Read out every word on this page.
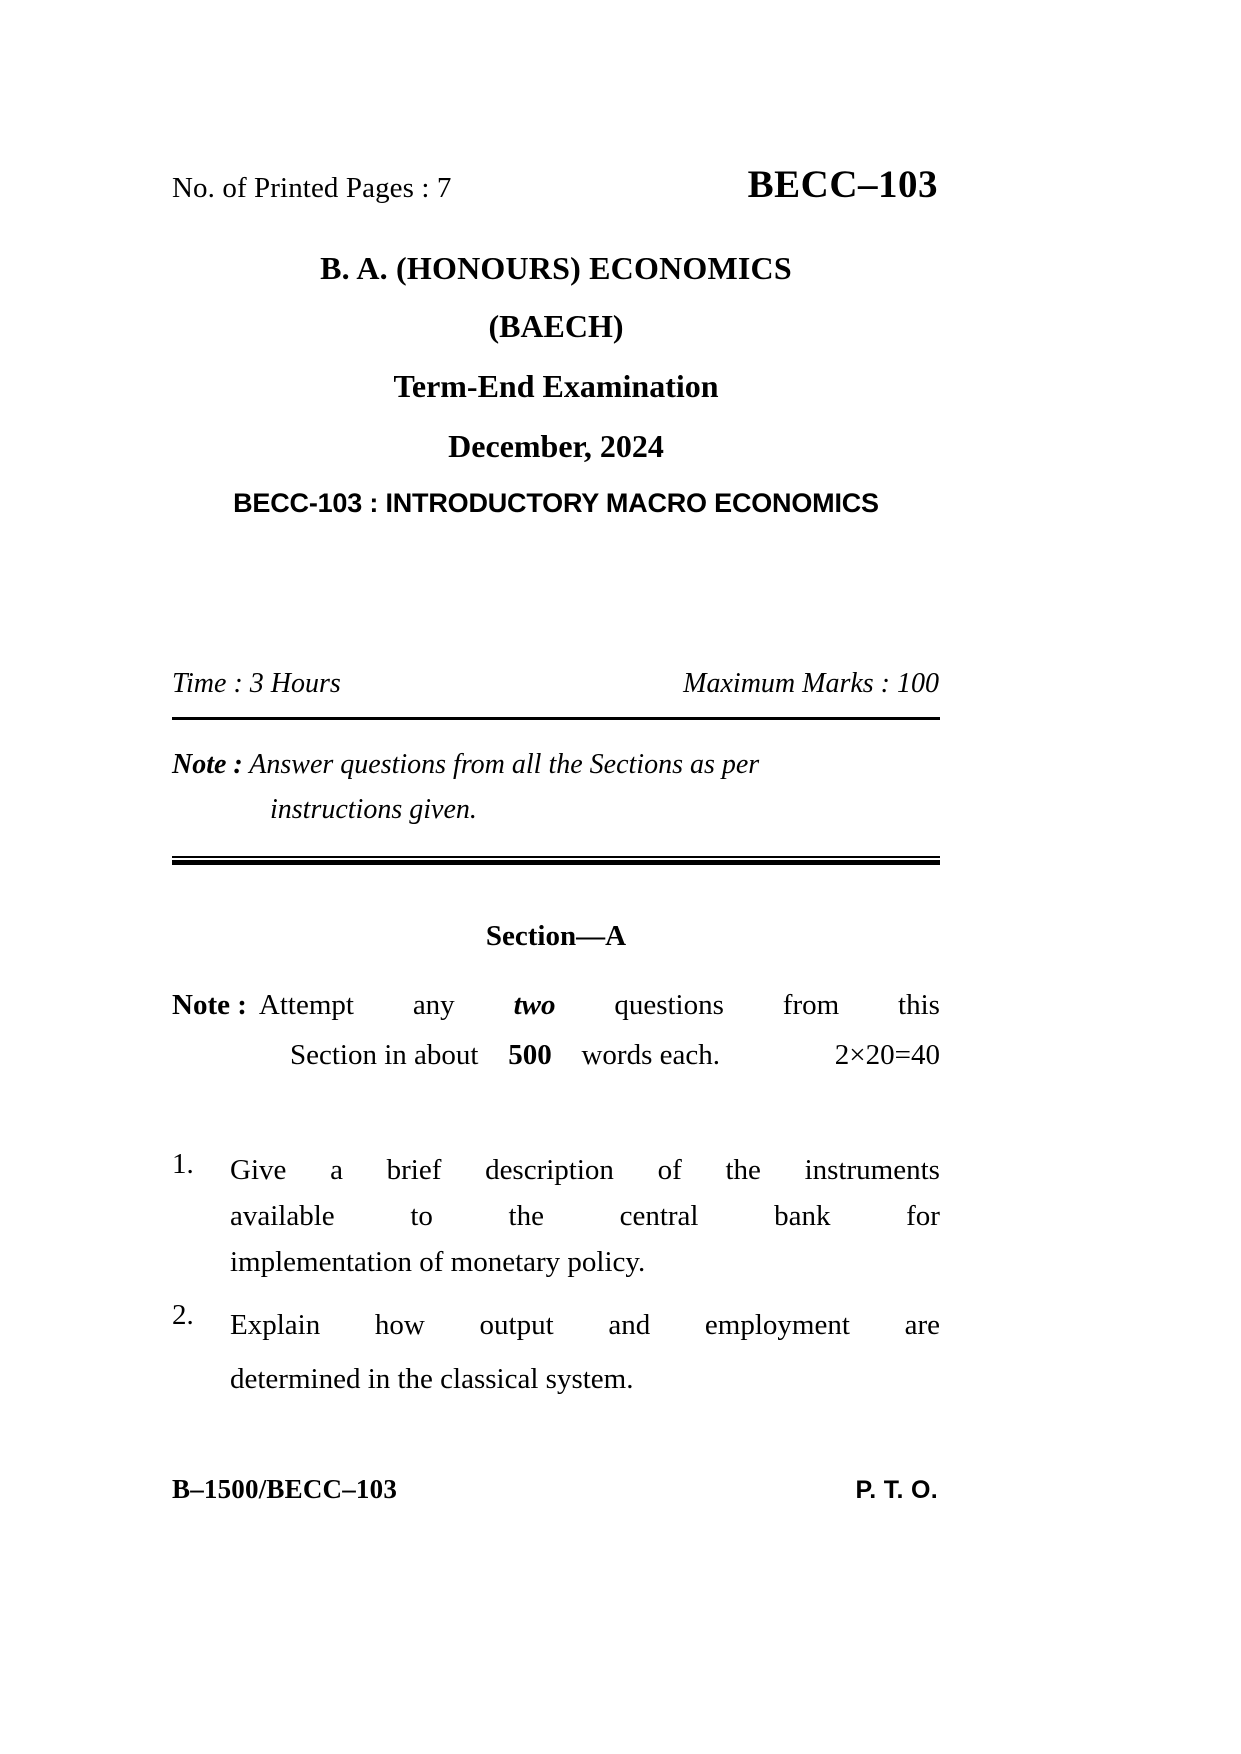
No. of Printed Pages : 7	BECC–103
B. A. (HONOURS) ECONOMICS
(BAECH)
Term-End Examination
December, 2024
BECC-103 : INTRODUCTORY MACRO ECONOMICS
Time : 3 Hours	Maximum Marks : 100
Note : Answer questions from all the Sections as per
instructions given.
Section—A
Note : Attempt any two questions from this
Section in about 500 words each.	2×20=40
1.	Give a brief description of the instruments
available	to	the	central	bank	for
implementation of monetary policy.
2.	Explain how output and employment are
determined in the classical system.
B–1500/BECC–103	P. T. O.
